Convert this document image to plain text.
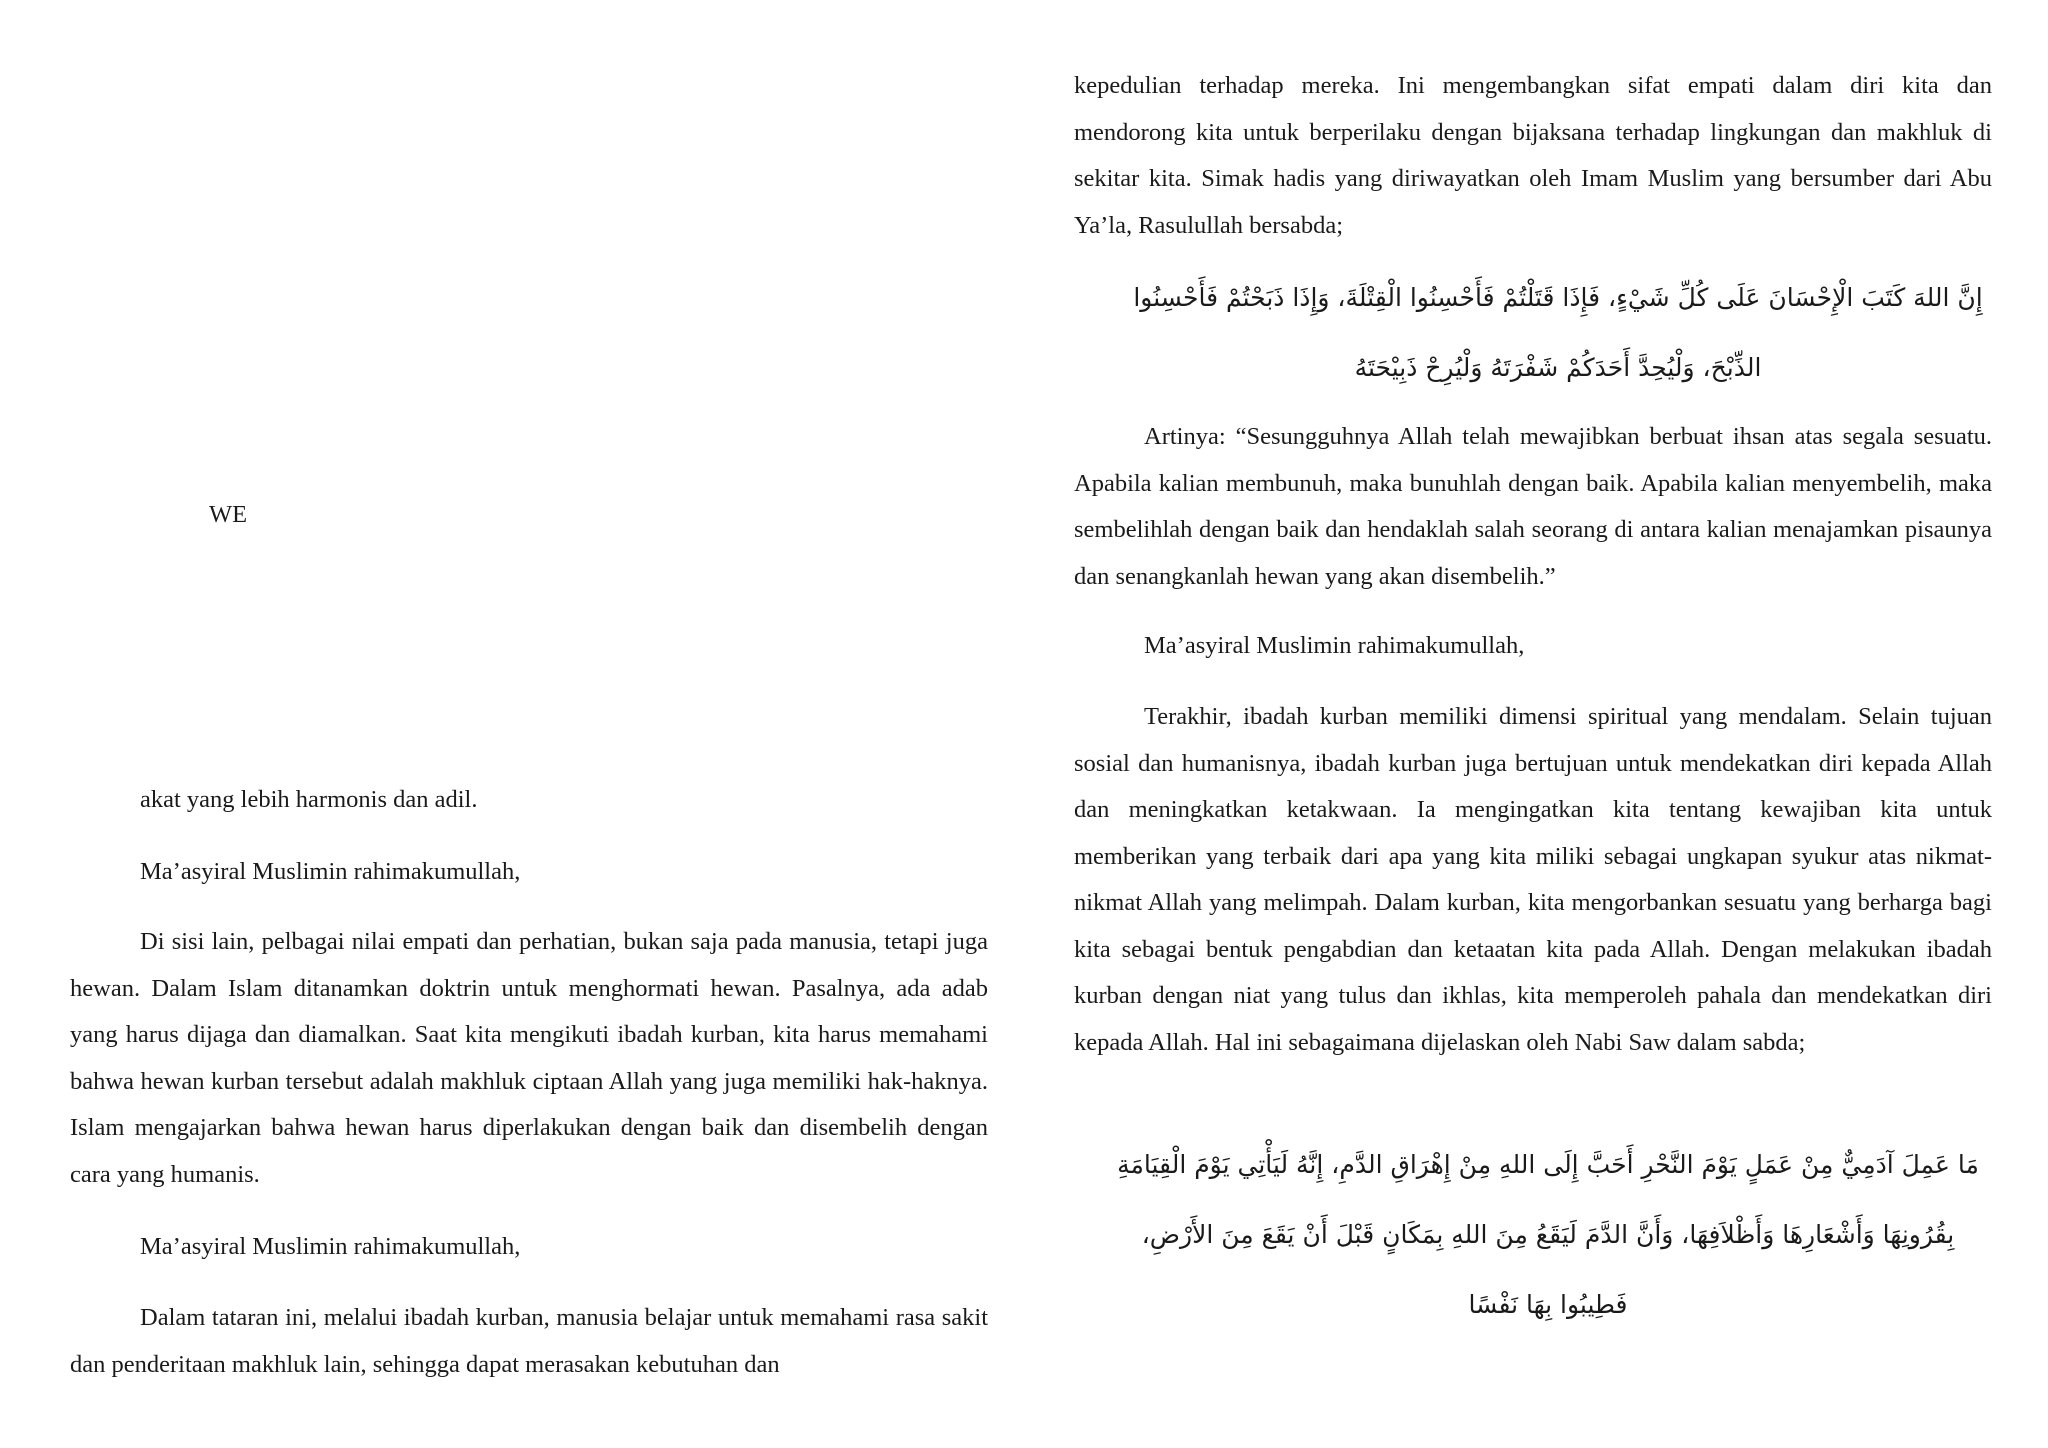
WE

akat yang lebih harmonis dan adil.

Ma’asyiral Muslimin rahimakumullah,

Di sisi lain, pelbagai nilai empati dan perhatian, bukan saja pada manusia, tetapi juga hewan. Dalam Islam ditanamkan doktrin untuk menghormati hewan. Pasalnya, ada adab yang harus dijaga dan diamalkan. Saat kita mengikuti ibadah kurban, kita harus memahami bahwa hewan kurban tersebut adalah makhluk ciptaan Allah yang juga memiliki hak-haknya. Islam mengajarkan bahwa hewan harus diperlakukan dengan baik dan disembelih dengan cara yang humanis.

Ma’asyiral Muslimin rahimakumullah,

Dalam tataran ini, melalui ibadah kurban, manusia belajar untuk memahami rasa sakit dan penderitaan makhluk lain, sehingga dapat merasakan kebutuhan dan

kepedulian terhadap mereka. Ini mengembangkan sifat empati dalam diri kita dan mendorong kita untuk berperilaku dengan bijaksana terhadap lingkungan dan makhluk di sekitar kita. Simak hadis yang diriwayatkan oleh Imam Muslim yang bersumber dari Abu Ya’la, Rasulullah bersabda;

إِنَّ اللهَ كَتَبَ الْإِحْسَانَ عَلَى كُلِّ شَيْءٍ، فَإِذَا قَتَلْتُمْ فَأَحْسِنُوا الْقِتْلَةَ، وَإِذَا ذَبَحْتُمْ فَأَحْسِنُوا الذِّبْحَ، وَلْيُحِدَّ أَحَدَكُمْ شَفْرَتَهُ وَلْيُرِحْ ذَبِيْحَتَهُ

Artinya: “Sesungguhnya Allah telah mewajibkan berbuat ihsan atas segala sesuatu. Apabila kalian membunuh, maka bunuhlah dengan baik. Apabila kalian menyembelih, maka sembelihlah dengan baik dan hendaklah salah seorang di antara kalian menajamkan pisaunya dan senangkanlah hewan yang akan disembelih.”

Ma’asyiral Muslimin rahimakumullah,

Terakhir, ibadah kurban memiliki dimensi spiritual yang mendalam. Selain tujuan sosial dan humanisnya, ibadah kurban juga bertujuan untuk mendekatkan diri kepada Allah dan meningkatkan ketakwaan. Ia mengingatkan kita tentang kewajiban kita untuk memberikan yang terbaik dari apa yang kita miliki sebagai ungkapan syukur atas nikmat-nikmat Allah yang melimpah. Dalam kurban, kita mengorbankan sesuatu yang berharga bagi kita sebagai bentuk pengabdian dan ketaatan kita pada Allah. Dengan melakukan ibadah kurban dengan niat yang tulus dan ikhlas, kita memperoleh pahala dan mendekatkan diri kepada Allah. Hal ini sebagaimana dijelaskan oleh Nabi Saw dalam sabda;

مَا عَمِلَ آدَمِيٌّ مِنْ عَمَلٍ يَوْمَ النَّحْرِ أَحَبَّ إِلَى اللهِ مِنْ إِهْرَاقِ الدَّمِ، إِنَّهُ لَيَأْتِي يَوْمَ الْقِيَامَةِ بِقُرُونِهَا وَأَشْعَارِهَا وَأَظْلاَفِهَا، وَأَنَّ الدَّمَ لَيَقَعُ مِنَ اللهِ بِمَكَانٍ قَبْلَ أَنْ يَقَعَ مِنَ الأَرْضِ، فَطِيبُوا بِهَا نَفْسًا
